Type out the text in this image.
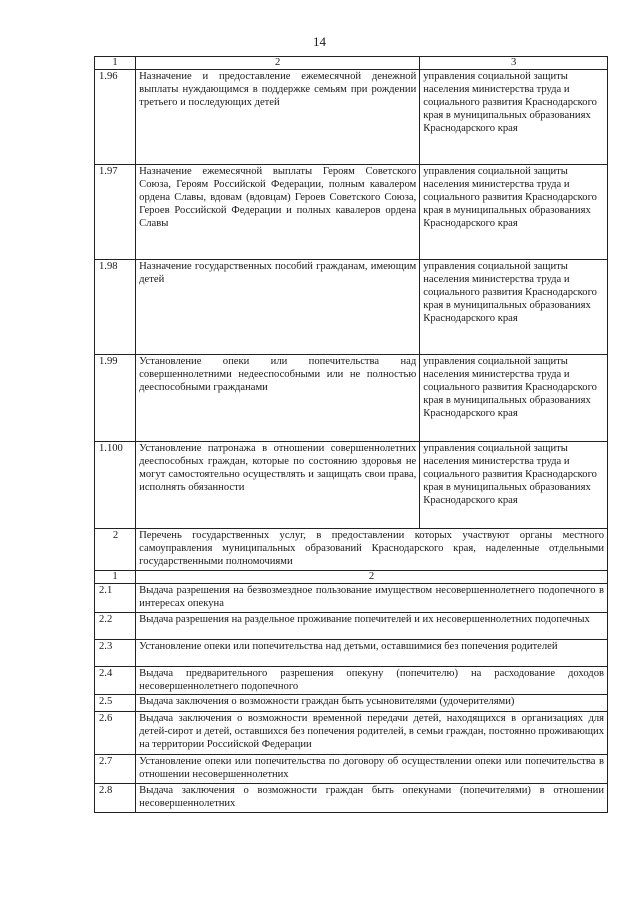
14
1	2	3
1.96	Назначение и предоставление ежемесячной денежной выплаты нуждающимся в поддержке семьям при рождении третьего и последующих детей	управления социальной защиты населения министерства труда и социального развития Краснодарского края в муниципальных образованиях Краснодарского края
1.97	Назначение ежемесячной выплаты Героям Советского Союза, Героям Российской Федерации, полным кавалером ордена Славы, вдовам (вдовцам) Героев Советского Союза, Героев Российской Федерации и полных кавалеров ордена Славы	управления социальной защиты населения министерства труда и социального развития Краснодарского края в муниципальных образованиях Краснодарского края
1.98	Назначение государственных пособий гражданам, имеющим детей	управления социальной защиты населения министерства труда и социального развития Краснодарского края в муниципальных образованиях Краснодарского края
1.99	Установление опеки или попечительства над совершеннолетними недееспособными или не полностью дееспособными гражданами	управления социальной защиты населения министерства труда и социального развития Краснодарского края в муниципальных образованиях Краснодарского края
1.100	Установление патронажа в отношении совершеннолетних дееспособных граждан, которые по состоянию здоровья не могут самостоятельно осуществлять и защищать свои права, исполнять обязанности	управления социальной защиты населения министерства труда и социального развития Краснодарского края в муниципальных образованиях Краснодарского края
2	Перечень государственных услуг, в предоставлении которых участвуют органы местного самоуправления муниципальных образований Краснодарского края, наделенные отдельными государственными полномочиями	
1	2	
2.1	Выдача разрешения на безвозмездное пользование имуществом несовершеннолетнего подопечного в интересах опекуна	
2.2	Выдача разрешения на раздельное проживание попечителей и их несовершеннолетних подопечных	
2.3	Установление опеки или попечительства над детьми, оставшимися без попечения родителей	
2.4	Выдача предварительного разрешения опекуну (попечителю) на расходование доходов несовершеннолетнего подопечного	
2.5	Выдача заключения о возможности граждан быть усыновителями (удочерителями)	
2.6	Выдача заключения о возможности временной передачи детей, находящихся в организациях для детей-сирот и детей, оставшихся без попечения родителей, в семьи граждан, постоянно проживающих на территории Российской Федерации	
2.7	Установление опеки или попечительства по договору об осуществлении опеки или попечительства в отношении несовершеннолетних	
2.8	Выдача заключения о возможности граждан быть опекунами (попечителями) в отношении несовершеннолетних	
